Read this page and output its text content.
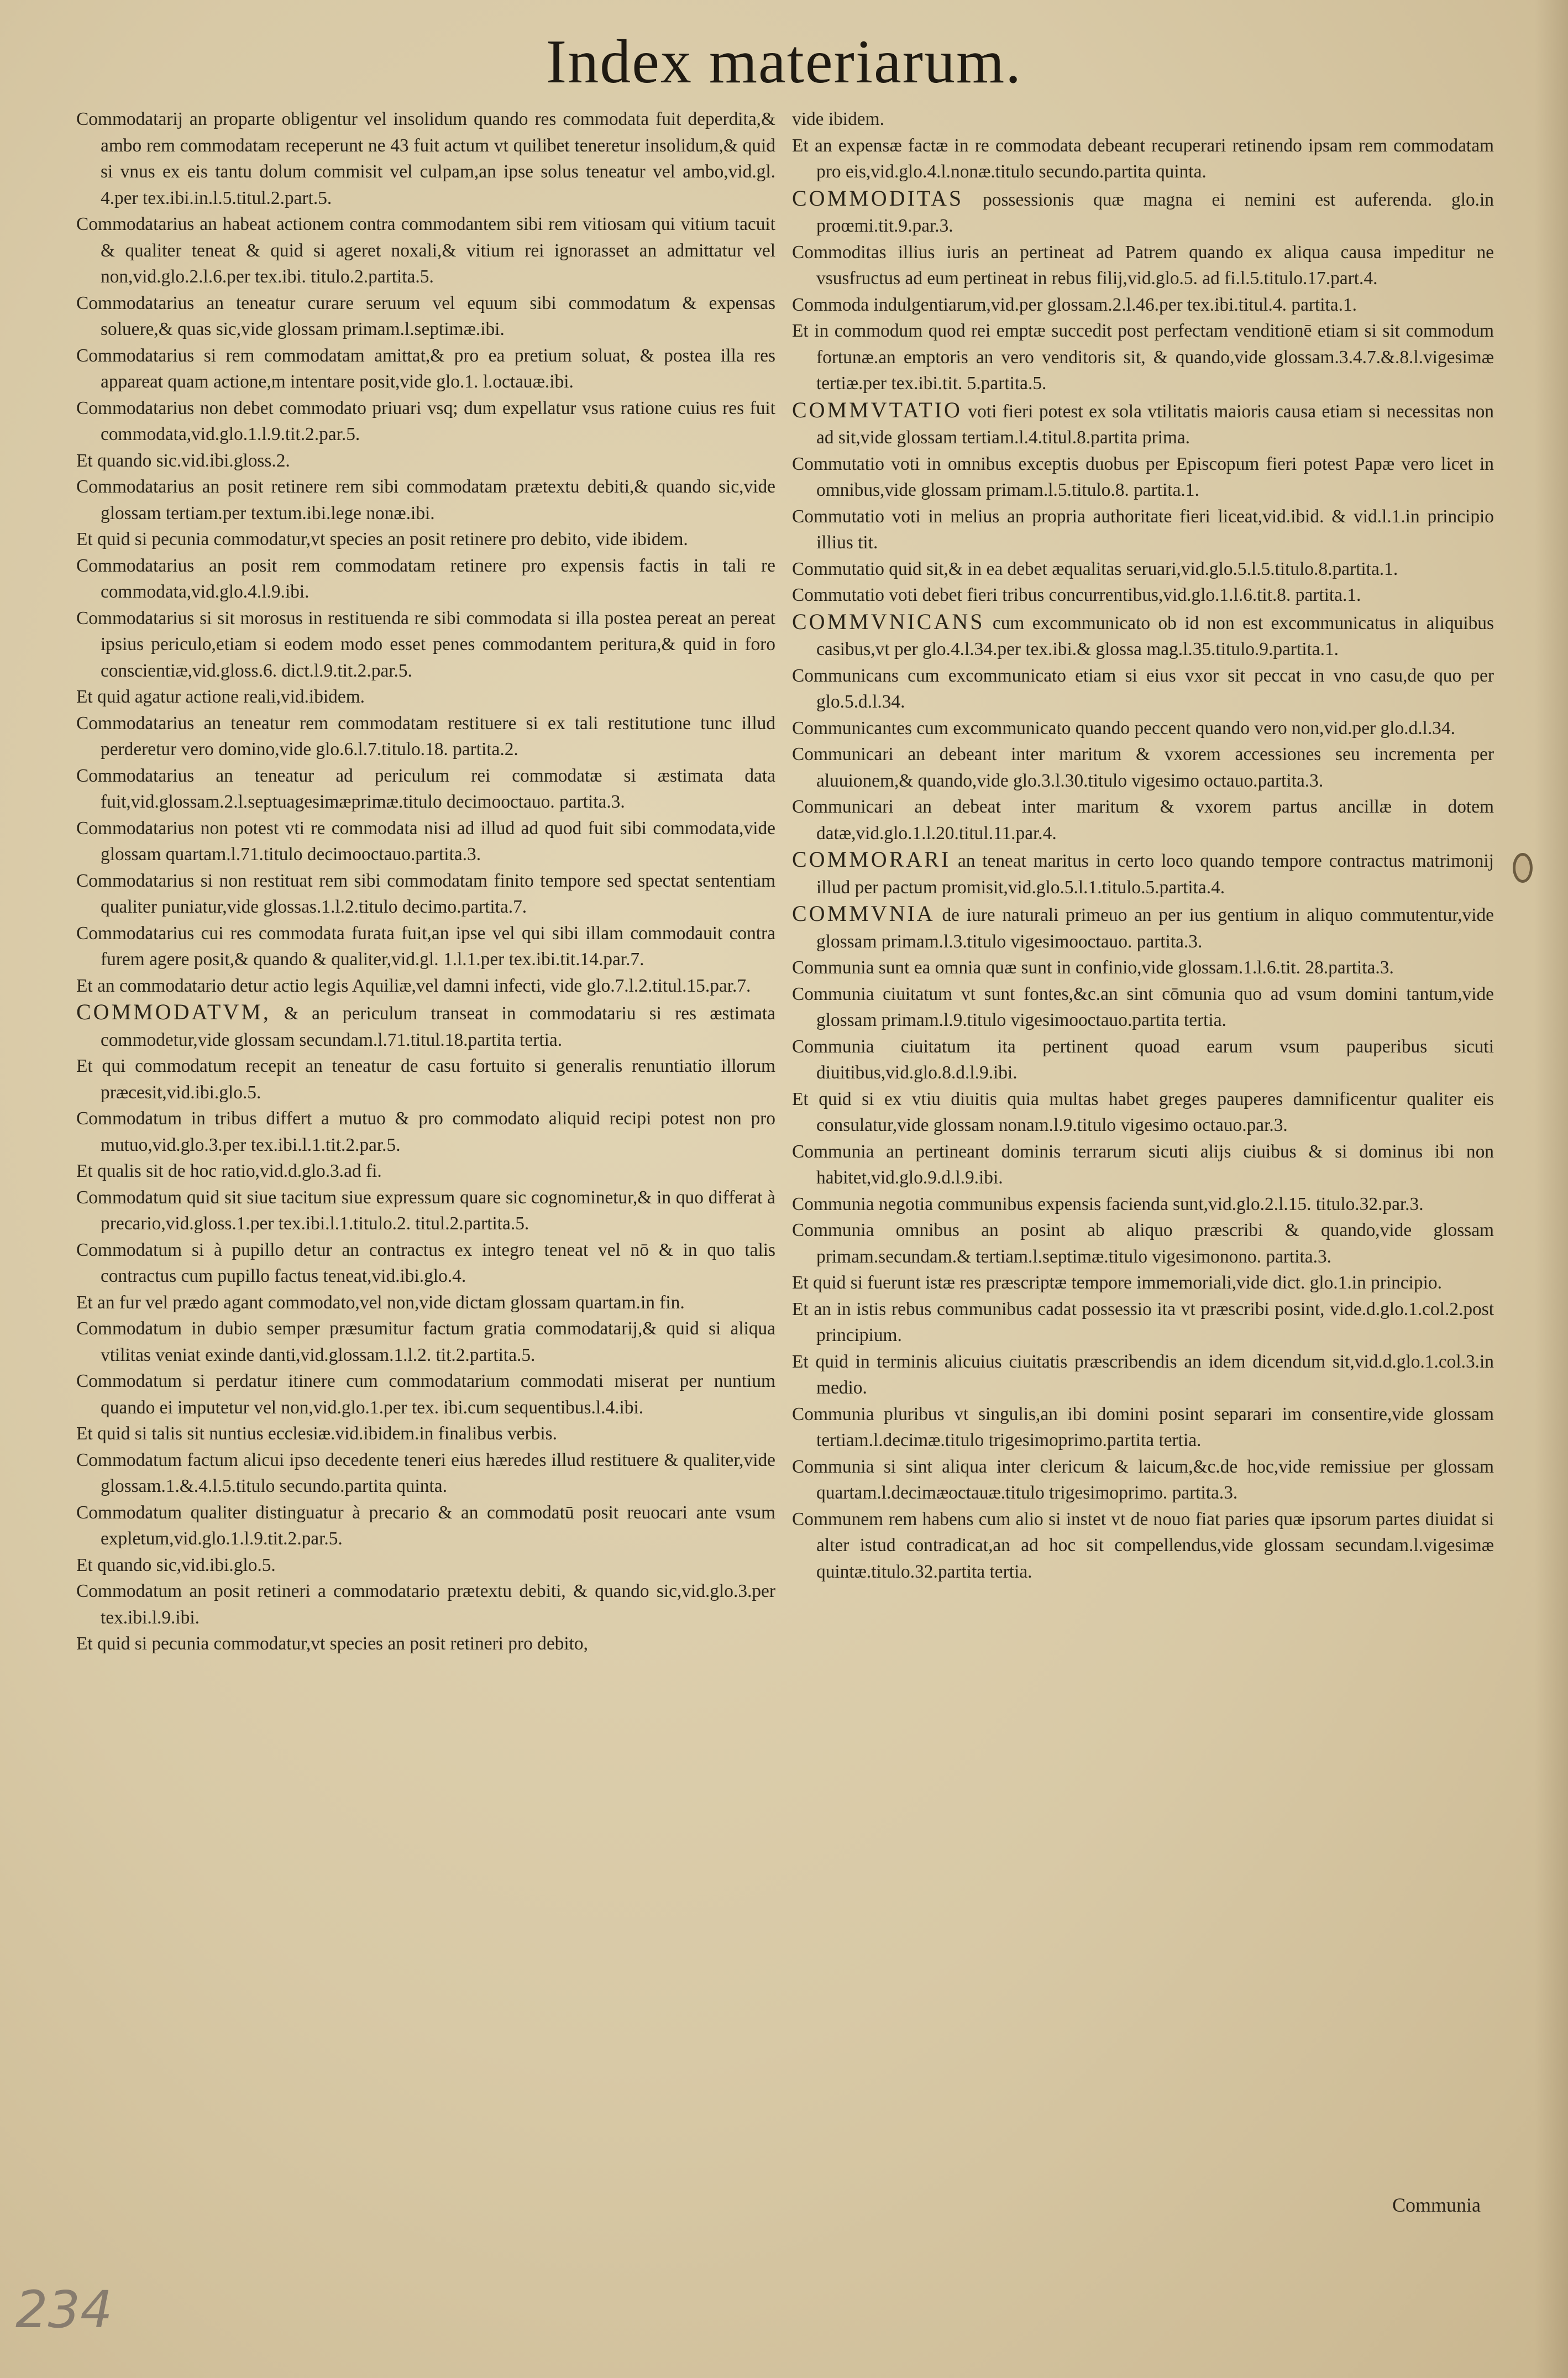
Index materiarum.

Commodatarij an proparte obligentur vel insolidum quando res commodata fuit deperdita,& ambo rem commodatam receperunt ne 43 fuit actum vt quilibet teneretur insolidum,& quid si vnus ex eis tantu dolum commisit vel culpam,an ipse solus teneatur vel ambo,vid.gl. 4.per tex.ibi.in.l.5.titul.2.part.5.

Commodatarius an habeat actionem contra commodantem sibi rem vitiosam qui vitium tacuit & qualiter teneat & quid si ageret noxali,& vitium rei ignorasset an admittatur vel non,vid.glo.2.l.6.per tex.ibi. titulo.2.partita.5.

Commodatarius an teneatur curare seruum vel equum sibi commodatum & expensas soluere,& quas sic,vide glossam primam.l.septimæ.ibi.

Commodatarius si rem commodatam amittat,& pro ea pretium soluat, & postea illa res appareat quam actione,m intentare posit,vide glo.1. l.octauæ.ibi.

Commodatarius non debet commodato priuari vsq; dum expellatur vsus ratione cuius res fuit commodata,vid.glo.1.l.9.tit.2.par.5.

Et quando sic.vid.ibi.gloss.2.

Commodatarius an posit retinere rem sibi commodatam prætextu debiti,& quando sic,vide glossam tertiam.per textum.ibi.lege nonæ.ibi.

Et quid si pecunia commodatur,vt species an posit retinere pro debito, vide ibidem.

Commodatarius an posit rem commodatam retinere pro expensis factis in tali re commodata,vid.glo.4.l.9.ibi.

Commodatarius si sit morosus in restituenda re sibi commodata si illa postea pereat an pereat ipsius periculo,etiam si eodem modo esset penes commodantem peritura,& quid in foro conscientiæ,vid.gloss.6. dict.l.9.tit.2.par.5.

Et quid agatur actione reali,vid.ibidem.

Commodatarius an teneatur rem commodatam restituere si ex tali restitutione tunc illud perderetur vero domino,vide glo.6.l.7.titulo.18. partita.2.

Commodatarius an teneatur ad periculum rei commodatæ si æstimata data fuit,vid.glossam.2.l.septuagesimæprimæ.titulo decimooctauo. partita.3.

Commodatarius non potest vti re commodata nisi ad illud ad quod fuit sibi commodata,vide glossam quartam.l.71.titulo decimooctauo.partita.3.

Commodatarius si non restituat rem sibi commodatam finito tempore sed spectat sententiam qualiter puniatur,vide glossas.1.l.2.titulo decimo.partita.7.

Commodatarius cui res commodata furata fuit,an ipse vel qui sibi illam commodauit contra furem agere posit,& quando & qualiter,vid.gl. 1.l.1.per tex.ibi.tit.14.par.7.

Et an commodatario detur actio legis Aquiliæ,vel damni infecti, vide glo.7.l.2.titul.15.par.7.

COMMODATVM, & an periculum transeat in commodatariu si res æstimata commodetur,vide glossam secundam.l.71.titul.18.partita tertia.

Et qui commodatum recepit an teneatur de casu fortuito si generalis renuntiatio illorum præcesit,vid.ibi.glo.5.

Commodatum in tribus differt a mutuo & pro commodato aliquid recipi potest non pro mutuo,vid.glo.3.per tex.ibi.l.1.tit.2.par.5.

Et qualis sit de hoc ratio,vid.d.glo.3.ad fi.

Commodatum quid sit siue tacitum siue expressum quare sic cognominetur,& in quo differat à precario,vid.gloss.1.per tex.ibi.l.1.titulo.2. titul.2.partita.5.

Commodatum si à pupillo detur an contractus ex integro teneat vel nō & in quo talis contractus cum pupillo factus teneat,vid.ibi.glo.4.

Et an fur vel prædo agant commodato,vel non,vide dictam glossam quartam.in fin.

Commodatum in dubio semper præsumitur factum gratia commodatarij,& quid si aliqua vtilitas veniat exinde danti,vid.glossam.1.l.2. tit.2.partita.5.

Commodatum si perdatur itinere cum commodatarium commodati miserat per nuntium quando ei imputetur vel non,vid.glo.1.per tex. ibi.cum sequentibus.l.4.ibi.

Et quid si talis sit nuntius ecclesiæ.vid.ibidem.in finalibus verbis.

Commodatum factum alicui ipso decedente teneri eius hæredes illud restituere & qualiter,vide glossam.1.&.4.l.5.titulo secundo.partita quinta.

Commodatum qualiter distinguatur à precario & an commodatū posit reuocari ante vsum expletum,vid.glo.1.l.9.tit.2.par.5.

Et quando sic,vid.ibi.glo.5.

Commodatum an posit retineri a commodatario prætextu debiti, & quando sic,vid.glo.3.per tex.ibi.l.9.ibi.

Et quid si pecunia commodatur,vt species an posit retineri pro debito,

vide ibidem.

Et an expensæ factæ in re commodata debeant recuperari retinendo ipsam rem commodatam pro eis,vid.glo.4.l.nonæ.titulo secundo.partita quinta.

COMMODITAS possessionis quæ magna ei nemini est auferenda. glo.in proœmi.tit.9.par.3.

Commoditas illius iuris an pertineat ad Patrem quando ex aliqua causa impeditur ne vsusfructus ad eum pertineat in rebus filij,vid.glo.5. ad fi.l.5.titulo.17.part.4.

Commoda indulgentiarum,vid.per glossam.2.l.46.per tex.ibi.titul.4. partita.1.

Et in commodum quod rei emptæ succedit post perfectam venditionē etiam si sit commodum fortunæ.an emptoris an vero venditoris sit, & quando,vide glossam.3.4.7.&.8.l.vigesimæ tertiæ.per tex.ibi.tit. 5.partita.5.

COMMVTATIO voti fieri potest ex sola vtilitatis maioris causa etiam si necessitas non ad sit,vide glossam tertiam.l.4.titul.8.partita prima.

Commutatio voti in omnibus exceptis duobus per Episcopum fieri potest Papæ vero licet in omnibus,vide glossam primam.l.5.titulo.8. partita.1.

Commutatio voti in melius an propria authoritate fieri liceat,vid.ibid. & vid.l.1.in principio illius tit.

Commutatio quid sit,& in ea debet æqualitas seruari,vid.glo.5.l.5.titulo.8.partita.1.

Commutatio voti debet fieri tribus concurrentibus,vid.glo.1.l.6.tit.8. partita.1.

COMMVNICANS cum excommunicato ob id non est excommunicatus in aliquibus casibus,vt per glo.4.l.34.per tex.ibi.& glossa mag.l.35.titulo.9.partita.1.

Communicans cum excommunicato etiam si eius vxor sit peccat in vno casu,de quo per glo.5.d.l.34.

Communicantes cum excommunicato quando peccent quando vero non,vid.per glo.d.l.34.

Communicari an debeant inter maritum & vxorem accessiones seu incrementa per aluuionem,& quando,vide glo.3.l.30.titulo vigesimo octauo.partita.3.

Communicari an debeat inter maritum & vxorem partus ancillæ in dotem datæ,vid.glo.1.l.20.titul.11.par.4.

COMMORARI an teneat maritus in certo loco quando tempore contractus matrimonij illud per pactum promisit,vid.glo.5.l.1.titulo.5.partita.4.

COMMVNIA de iure naturali primeuo an per ius gentium in aliquo commutentur,vide glossam primam.l.3.titulo vigesimooctauo. partita.3.

Communia sunt ea omnia quæ sunt in confinio,vide glossam.1.l.6.tit. 28.partita.3.

Communia ciuitatum vt sunt fontes,&c.an sint cōmunia quo ad vsum domini tantum,vide glossam primam.l.9.titulo vigesimooctauo.partita tertia.

Communia ciuitatum ita pertinent quoad earum vsum pauperibus sicuti diuitibus,vid.glo.8.d.l.9.ibi.

Et quid si ex vtiu diuitis quia multas habet greges pauperes damnificentur qualiter eis consulatur,vide glossam nonam.l.9.titulo vigesimo octauo.par.3.

Communia an pertineant dominis terrarum sicuti alijs ciuibus & si dominus ibi non habitet,vid.glo.9.d.l.9.ibi.

Communia negotia communibus expensis facienda sunt,vid.glo.2.l.15. titulo.32.par.3.

Communia omnibus an posint ab aliquo præscribi & quando,vide glossam primam.secundam.& tertiam.l.septimæ.titulo vigesimonono. partita.3.

Et quid si fuerunt istæ res præscriptæ tempore immemoriali,vide dict. glo.1.in principio.

Et an in istis rebus communibus cadat possessio ita vt præscribi posint, vide.d.glo.1.col.2.post principium.

Et quid in terminis alicuius ciuitatis præscribendis an idem dicendum sit,vid.d.glo.1.col.3.in medio.

Communia pluribus vt singulis,an ibi domini posint separari im consentire,vide glossam tertiam.l.decimæ.titulo trigesimoprimo.partita tertia.

Communia si sint aliqua inter clericum & laicum,&c.de hoc,vide remissiue per glossam quartam.l.decimæoctauæ.titulo trigesimoprimo. partita.3.

Communem rem habens cum alio si instet vt de nouo fiat paries quæ ipsorum partes diuidat si alter istud contradicat,an ad hoc sit compellendus,vide glossam secundam.l.vigesimæ quintæ.titulo.32.partita tertia.

Communia
234
